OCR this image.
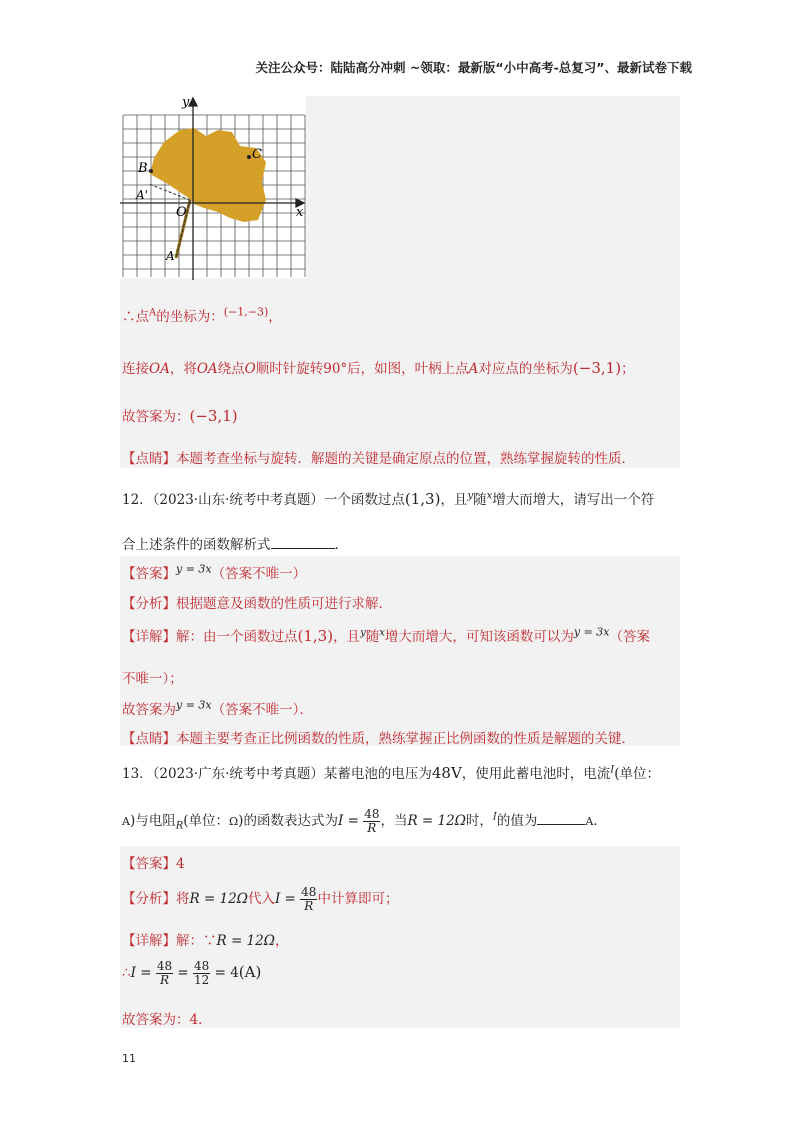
关注公众号：陆陆高分冲刺 ~领取：最新版“小中高考-总复习”、最新试卷下载
y
x
B
C
A'
O
A
∴点$^A$的坐标为：$^{(-1,-3)}$，
连接OA，将OA绕点O顺时针旋转90°后，如图，叶柄上点A对应点的坐标为(−3,1)；
故答案为：(−3,1)
【点睛】本题考查坐标与旋转．解题的关键是确定原点的位置，熟练掌握旋转的性质．
12．（2023·山东·统考中考真题）一个函数过点(1,3)，且$^y$随$^x$增大而增大，请写出一个符
合上述条件的函数解析式	．
【答案】$^{y = 3x}$（答案不唯一）
【分析】根据题意及函数的性质可进行求解．
【详解】解：由一个函数过点(1,3)，且$^y$随$^x$增大而增大，可知该函数可以为$^{y = 3x}$（答案
不唯一）；
故答案为$^{y = 3x}$（答案不唯一）．
【点睛】本题主要考查正比例函数的性质，熟练掌握正比例函数的性质是解题的关键．
13．（2023·广东·统考中考真题）某蓄电池的电压为48V，使用此蓄电池时，电流$^I$(单位：
A)与电阻$_R$(单位：Ω)的函数表达式为$I = \frac{48}{R}$ ，当R = 12Ω时，$^I$的值为	A．
【答案】4
【分析】将R = 12Ω代入$I = \frac{48}{R}$ 中计算即可；
【详解】解：∵R = 12Ω，
∴I = $\frac{48}{R} = \frac{48}{12} = 4(A)$
故答案为：4．
11
